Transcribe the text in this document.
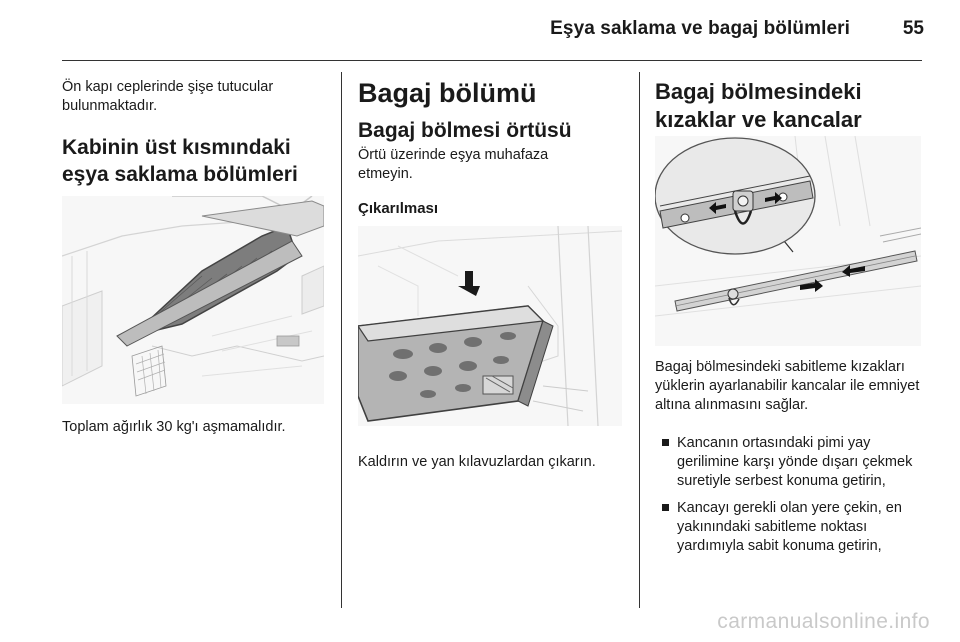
Eşya saklama ve bagaj bölümleri	55
Ön kapı ceplerinde şişe tutucular bulunmaktadır.
Kabinin üst kısmındaki eşya saklama bölümleri
Toplam ağırlık 30 kg'ı aşmamalıdır.
Bagaj bölümü
Bagaj bölmesi örtüsü
Örtü üzerinde eşya muhafaza etmeyin.
Çıkarılması
Kaldırın ve yan kılavuzlardan çıkarın.
Bagaj bölmesindeki kızaklar ve kancalar
Bagaj bölmesindeki sabitleme kızakları yüklerin ayarlanabilir kancalar ile emniyet altına alınmasını sağlar.
Kancanın ortasındaki pimi yay gerilimine karşı yönde dışarı çekmek suretiyle serbest konuma getirin,
Kancayı gerekli olan yere çekin, en yakınındaki sabitleme noktası yardımıyla sabit konuma getirin,
carmanualsonline.info
